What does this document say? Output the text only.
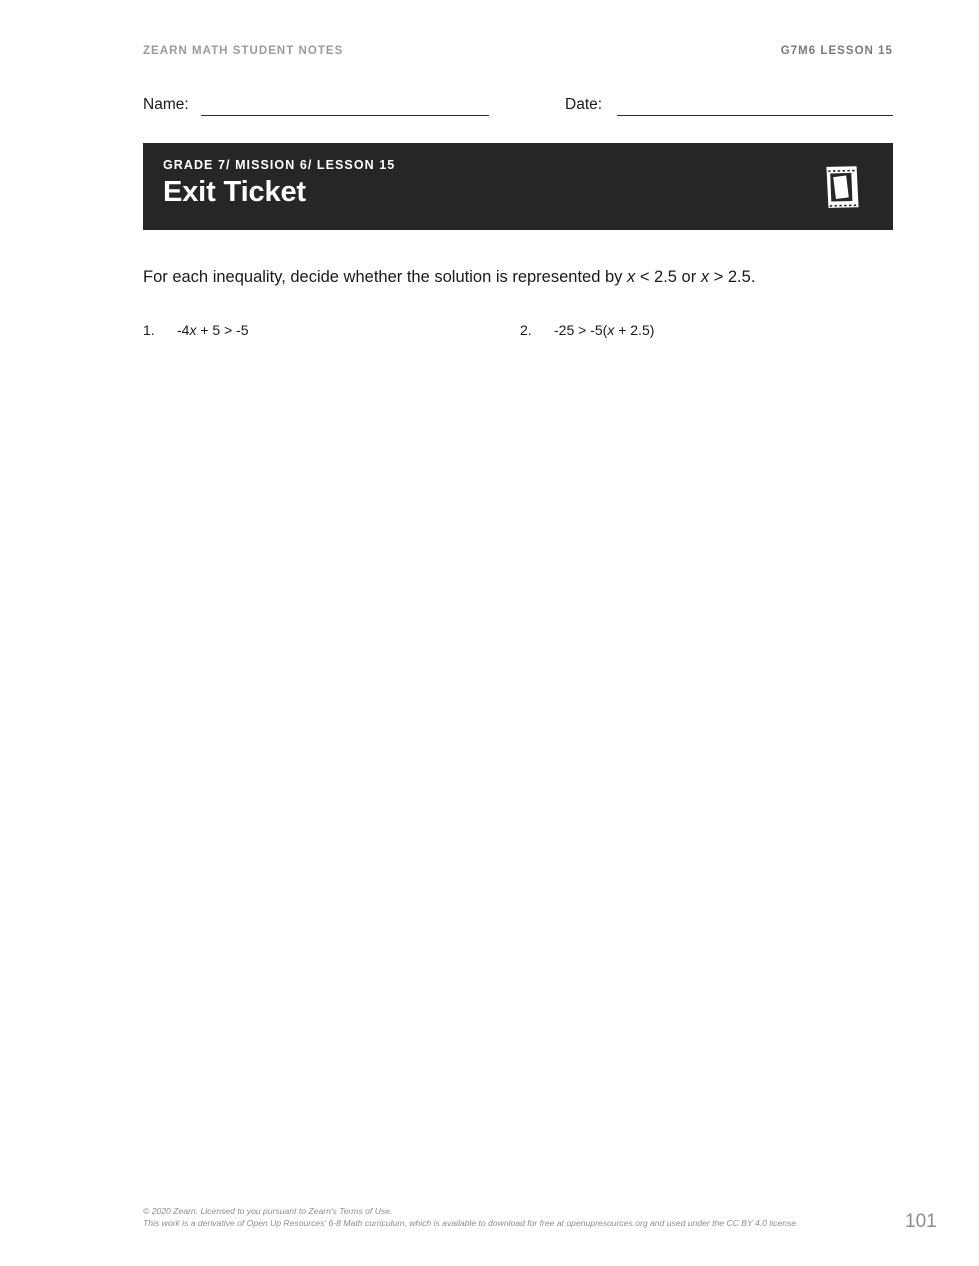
ZEARN MATH STUDENT NOTES	G7M6 LESSON 15
Name:	Date:
GRADE 7/ MISSION 6/ LESSON 15
Exit Ticket
For each inequality, decide whether the solution is represented by x < 2.5 or x > 2.5.
1. -4x + 5 > -5	2. -25 > -5(x + 2.5)
© 2020 Zearn. Licensed to you pursuant to Zearn's Terms of Use.
This work is a derivative of Open Up Resources' 6-8 Math curriculum, which is available to download for free at openupresources.org and used under the CC BY 4.0 license.	101
